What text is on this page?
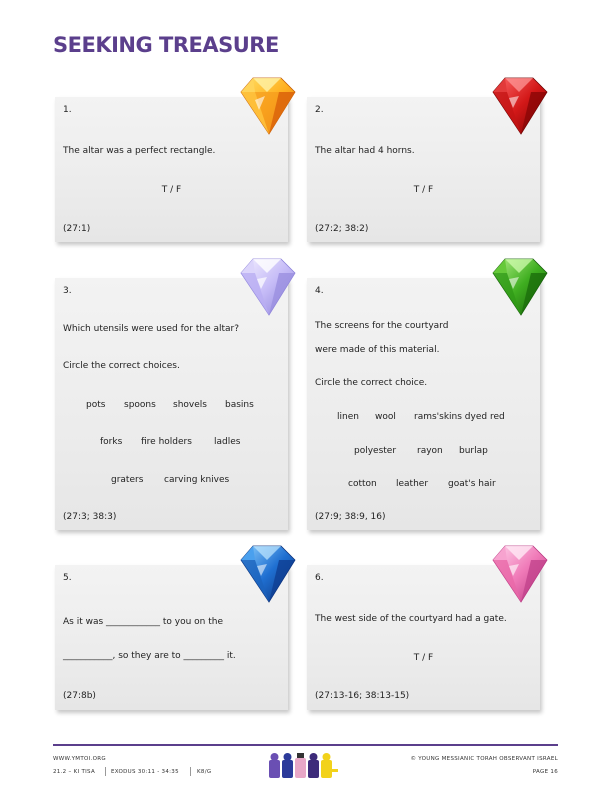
SEEKING TREASURE
1.
The altar was a perfect rectangle.
T / F
(27:1)
2.
The altar had 4 horns.
T / F
(27:2; 38:2)
3.
Which utensils were used for the altar?
Circle the correct choices.
pots spoons shovels basins
forks fire holders ladles
graters carving knives
(27:3; 38:3)
4.
The screens for the courtyard
were made of this material.
Circle the correct choice.
linen wool rams'skins dyed red
polyester rayon burlap
cotton leather goat's hair
(27:9; 38:9, 16)
5.
As it was ____________ to you on the
___________, so they are to _________ it.
(27:8b)
6.
The west side of the courtyard had a gate.
T / F
(27:13-16; 38:13-15)
WWW.YMTOI.ORG
21.2 – KI TISA	EXODUS 30:11 - 34:35	K8/G
© YOUNG MESSIANIC TORAH OBSERVANT ISRAEL
PAGE 16
